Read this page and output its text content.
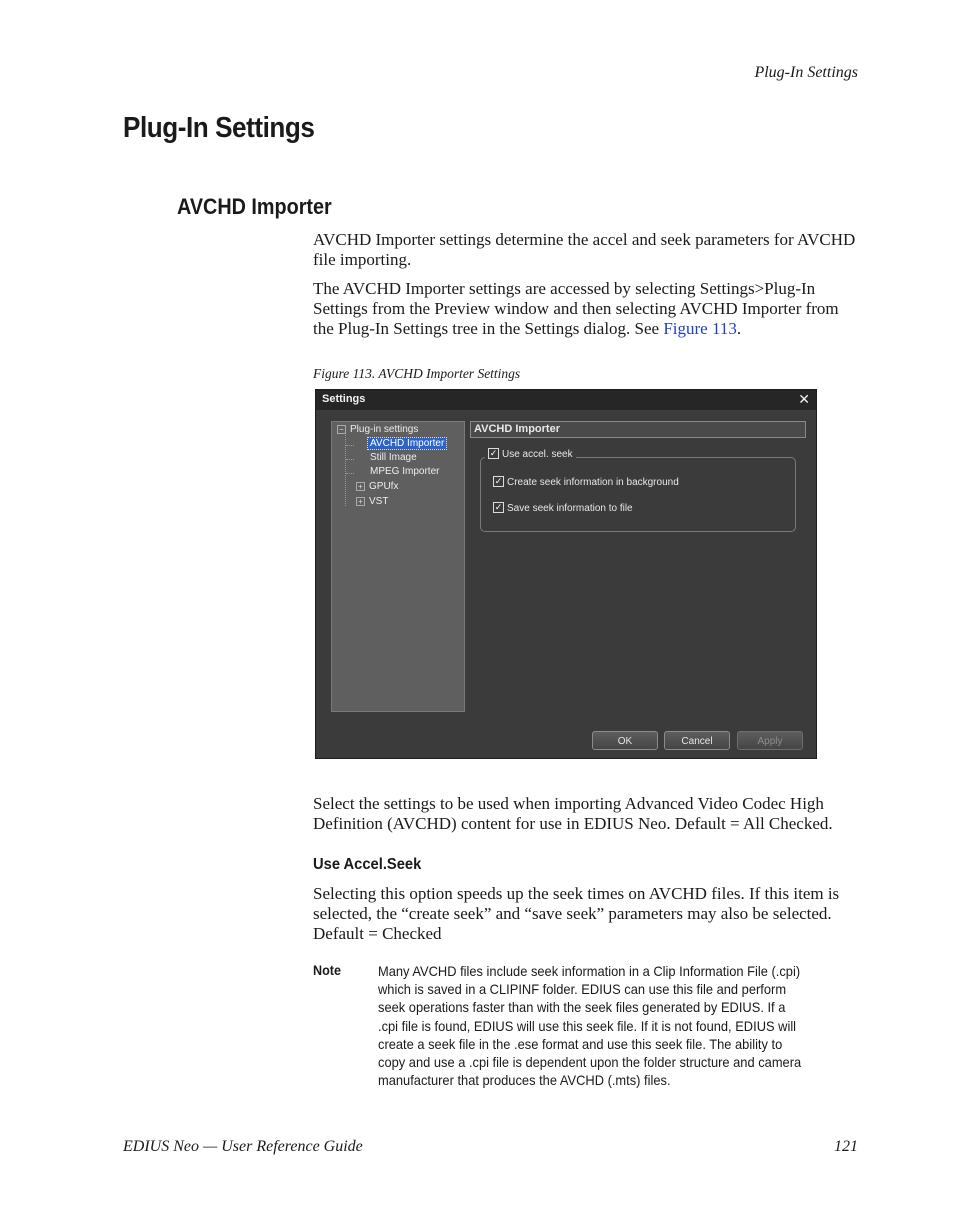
Plug-In Settings
Plug-In Settings
AVCHD Importer
AVCHD Importer settings determine the accel and seek parameters for AVCHD file importing.
The AVCHD Importer settings are accessed by selecting Settings>Plug-In Settings from the Preview window and then selecting AVCHD Importer from the Plug-In Settings tree in the Settings dialog. See Figure 113.
Figure 113. AVCHD Importer Settings
Settings	✕
− Plug-in settings
AVCHD Importer
Still Image
MPEG Importer
+ GPUfx
+ VST
AVCHD Importer
✓ Use accel. seek
✓ Create seek information in background
✓ Save seek information to file
OK	Cancel	Apply
Select the settings to be used when importing Advanced Video Codec High Definition (AVCHD) content for use in EDIUS Neo. Default = All Checked.
Use Accel.Seek
Selecting this option speeds up the seek times on AVCHD files. If this item is selected, the “create seek” and “save seek” parameters may also be selected. Default = Checked
Note	Many AVCHD files include seek information in a Clip Information File (.cpi) which is saved in a CLIPINF folder. EDIUS can use this file and perform seek operations faster than with the seek files generated by EDIUS. If a .cpi file is found, EDIUS will use this seek file. If it is not found, EDIUS will create a seek file in the .ese format and use this seek file. The ability to copy and use a .cpi file is dependent upon the folder structure and camera manufacturer that produces the AVCHD (.mts) files.
EDIUS Neo — User Reference Guide	121
